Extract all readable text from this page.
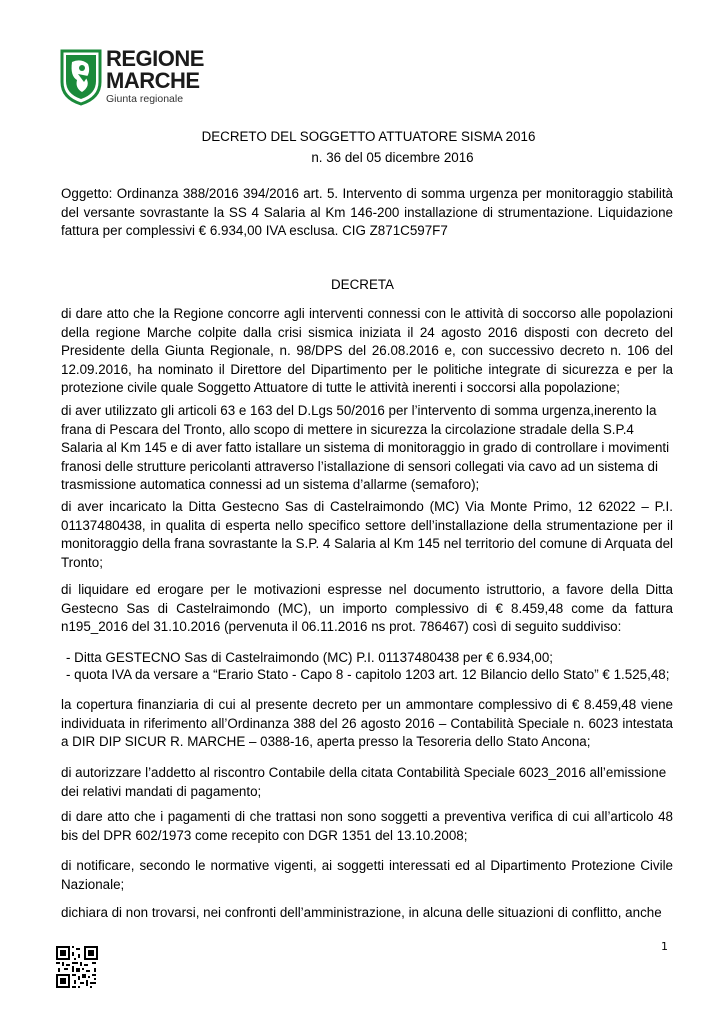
REGIONE
MARCHE
Giunta regionale
DECRETO DEL SOGGETTO ATTUATORE SISMA 2016
n. 36 del 05 dicembre 2016
Oggetto: Ordinanza 388/2016 394/2016 art. 5. Intervento di somma urgenza per monitoraggio stabilità del versante sovrastante la SS 4 Salaria al Km 146-200 installazione di strumentazione. Liquidazione fattura per complessivi € 6.934,00 IVA esclusa. CIG Z871C597F7
DECRETA
di dare atto che la Regione concorre agli interventi connessi con le attività di soccorso alle popolazioni della regione Marche colpite dalla crisi sismica iniziata il 24 agosto 2016 disposti con decreto del Presidente della Giunta Regionale, n. 98/DPS del 26.08.2016 e, con successivo decreto n. 106 del 12.09.2016, ha nominato il Direttore del Dipartimento per le politiche integrate di sicurezza e per la protezione civile quale Soggetto Attuatore di tutte le attività inerenti i soccorsi alla popolazione;
di aver utilizzato gli articoli 63 e 163 del D.Lgs 50/2016 per l’intervento di somma urgenza,inerento la frana di Pescara del Tronto, allo scopo di mettere in sicurezza la circolazione stradale della S.P.4 Salaria al Km 145 e di aver fatto istallare un sistema di monitoraggio in grado di controllare i movimenti franosi delle strutture pericolanti attraverso l’istallazione di sensori collegati via cavo ad un sistema di trasmissione automatica connessi ad un sistema d’allarme (semaforo);
di aver incaricato la Ditta Gestecno Sas di Castelraimondo (MC) Via Monte Primo, 12 62022 – P.I. 01137480438, in qualita di esperta nello specifico settore dell’installazione della strumentazione per il monitoraggio della frana sovrastante la S.P. 4 Salaria al Km 145 nel territorio del comune di Arquata del Tronto;
di liquidare ed erogare per le motivazioni espresse nel documento istruttorio, a favore della Ditta Gestecno Sas di Castelraimondo (MC), un importo complessivo di € 8.459,48 come da fattura n195_2016 del 31.10.2016 (pervenuta il 06.11.2016 ns prot. 786467) così di seguito suddiviso:
- Ditta GESTECNO Sas di Castelraimondo (MC) P.I. 01137480438 per € 6.934,00;
- quota IVA da versare a “Erario Stato - Capo 8 - capitolo 1203 art. 12 Bilancio dello Stato” € 1.525,48;
la copertura finanziaria di cui al presente decreto per un ammontare complessivo di € 8.459,48 viene individuata in riferimento all’Ordinanza 388 del 26 agosto 2016 – Contabilità Speciale n. 6023 intestata a DIR DIP SICUR R. MARCHE – 0388-16, aperta presso la Tesoreria dello Stato Ancona;
di autorizzare l’addetto al riscontro Contabile della citata Contabilità Speciale 6023_2016 all’emissione dei relativi mandati di pagamento;
di dare atto che i pagamenti di che trattasi non sono soggetti a preventiva verifica di cui all’articolo 48 bis del DPR 602/1973 come recepito con DGR 1351 del 13.10.2008;
di notificare, secondo le normative vigenti, ai soggetti interessati ed al Dipartimento Protezione Civile Nazionale;
dichiara di non trovarsi, nei confronti dell’amministrazione, in alcuna delle situazioni di conflitto, anche
1
